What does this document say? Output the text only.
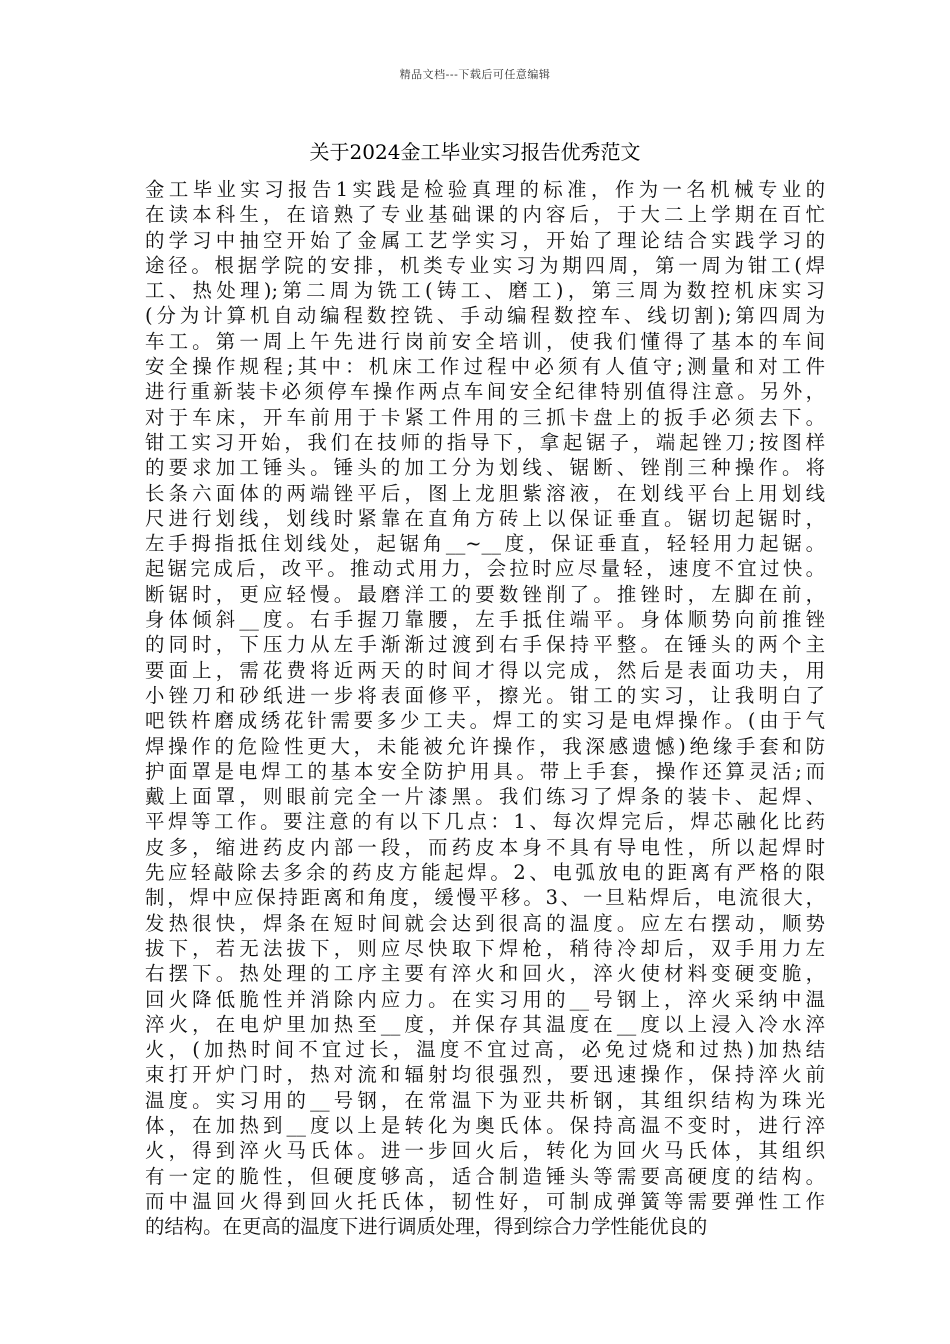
精品文档---下载后可任意编辑
关于2024金工毕业实习报告优秀范文
金工毕业实习报告1实践是检验真理的标准，作为一名机械专业的
在读本科生，在谙熟了专业基础课的内容后，于大二上学期在百忙
的学习中抽空开始了金属工艺学实习，开始了理论结合实践学习的
途径。根据学院的安排，机类专业实习为期四周，第一周为钳工(焊
工、热处理);第二周为铣工(铸工、磨工)，第三周为数控机床实习
(分为计算机自动编程数控铣、手动编程数控车、线切割);第四周为
车工。第一周上午先进行岗前安全培训，使我们懂得了基本的车间
安全操作规程;其中：机床工作过程中必须有人值守;测量和对工件
进行重新装卡必须停车操作两点车间安全纪律特别值得注意。另外，
对于车床，开车前用于卡紧工件用的三抓卡盘上的扳手必须去下。
钳工实习开始，我们在技师的指导下，拿起锯子，端起锉刀;按图样
的要求加工锤头。锤头的加工分为划线、锯断、锉削三种操作。将
长条六面体的两端锉平后，图上龙胆紫溶液，在划线平台上用划线
尺进行划线，划线时紧靠在直角方砖上以保证垂直。锯切起锯时，
左手拇指抵住划线处，起锯角__~__度，保证垂直，轻轻用力起锯。
起锯完成后，改平。推动式用力，会拉时应尽量轻，速度不宜过快。
断锯时，更应轻慢。最磨洋工的要数锉削了。推锉时，左脚在前，
身体倾斜__度。右手握刀靠腰，左手抵住端平。身体顺势向前推锉
的同时，下压力从左手渐渐过渡到右手保持平整。在锤头的两个主
要面上，需花费将近两天的时间才得以完成，然后是表面功夫，用
小锉刀和砂纸进一步将表面修平，擦光。钳工的实习，让我明白了
吧铁杵磨成绣花针需要多少工夫。焊工的实习是电焊操作。(由于气
焊操作的危险性更大，未能被允许操作，我深感遗憾)绝缘手套和防
护面罩是电焊工的基本安全防护用具。带上手套，操作还算灵活;而
戴上面罩，则眼前完全一片漆黑。我们练习了焊条的装卡、起焊、
平焊等工作。要注意的有以下几点：1、每次焊完后，焊芯融化比药
皮多，缩进药皮内部一段，而药皮本身不具有导电性，所以起焊时
先应轻敲除去多余的药皮方能起焊。2、电弧放电的距离有严格的限
制，焊中应保持距离和角度，缓慢平移。3、一旦粘焊后，电流很大，
发热很快，焊条在短时间就会达到很高的温度。应左右摆动，顺势
拔下，若无法拔下，则应尽快取下焊枪，稍待冷却后，双手用力左
右摆下。热处理的工序主要有淬火和回火，淬火使材料变硬变脆，
回火降低脆性并消除内应力。在实习用的__号钢上，淬火采纳中温
淬火，在电炉里加热至__度，并保存其温度在__度以上浸入冷水淬
火，(加热时间不宜过长，温度不宜过高，必免过烧和过热)加热结
束打开炉门时，热对流和辐射均很强烈，要迅速操作，保持淬火前
温度。实习用的__号钢，在常温下为亚共析钢，其组织结构为珠光
体，在加热到__度以上是转化为奥氏体。保持高温不变时，进行淬
火，得到淬火马氏体。进一步回火后，转化为回火马氏体，其组织
有一定的脆性，但硬度够高，适合制造锤头等需要高硬度的结构。
而中温回火得到回火托氏体，韧性好，可制成弹簧等需要弹性工作
的结构。在更高的温度下进行调质处理，得到综合力学性能优良的
